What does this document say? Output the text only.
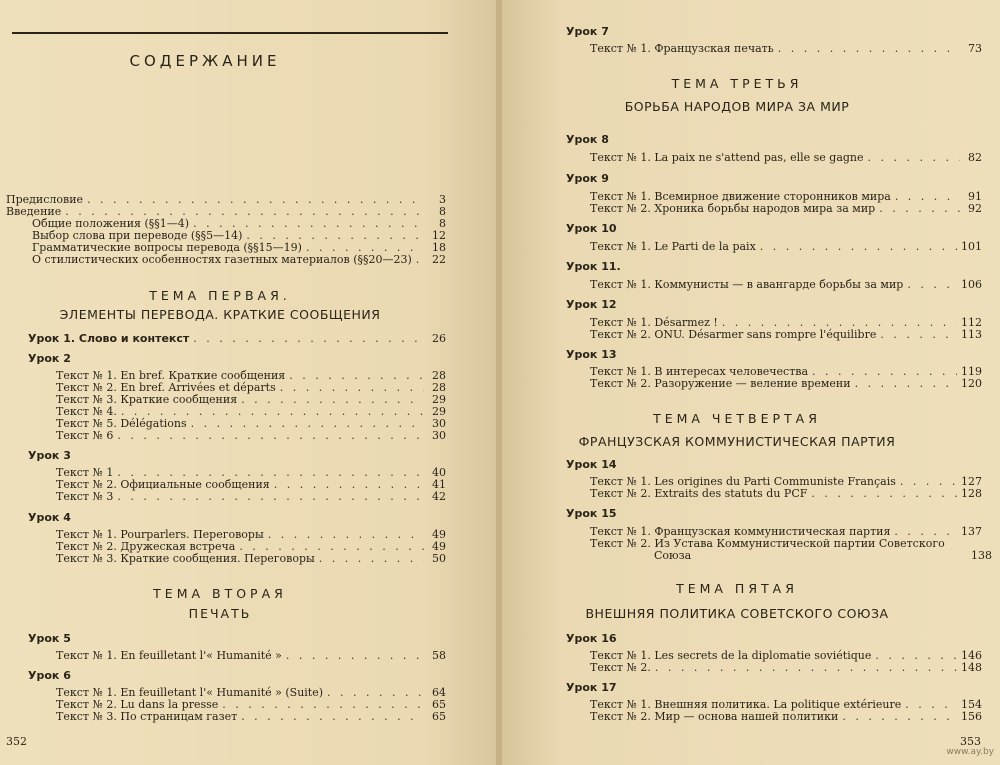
СОДЕРЖАНИЕ
Предисловие . . .	3
Введение . . .	8
Общие положения (§§1—4) . . .	8
Выбор слова при переводе (§§5—14) . . .	12
Грамматические вопросы перевода (§§15—19) . . .	18
О стилистических особенностях газетных материалов (§§20—23) . . .	22
ТЕМА ПЕРВАЯ.
ЭЛЕМЕНТЫ ПЕРЕВОДА. КРАТКИЕ СООБЩЕНИЯ
Урок 1. Слово и контекст . . .	26
Урок 2
Текст № 1. En bref. Краткие сообщения . . .	28
Текст № 2. En bref. Arrivées et départs . . .	28
Текст № 3. Краткие сообщения . . .	29
Текст № 4. . . .	29
Текст № 5. Délégations . . .	30
Текст № 6 . . .	30
Урок 3
Текст № 1 . . .	40
Текст № 2. Официальные сообщения . . .	41
Текст № 3 . . .	42
Урок 4
Текст № 1. Pourparlers. Переговоры . . .	49
Текст № 2. Дружеская встреча . . .	49
Текст № 3. Краткие сообщения. Переговоры . . .	50
ТЕМА ВТОРАЯ
ПЕЧАТЬ
Урок 5
Текст № 1. En feuilletant l'« Humanité » . . .	58
Урок 6
Текст № 1. En feuilletant l'« Humanité » (Suite) . . .	64
Текст № 2. Lu dans la presse . . .	65
Текст № 3. По страницам газет . . .	65
352
Урок 7
Текст № 1. Французская печать . . .	73
ТЕМА ТРЕТЬЯ
БОРЬБА НАРОДОВ МИРА ЗА МИР
Урок 8
Текст № 1. La paix ne s'attend pas, elle se gagne . . .	82
Урок 9
Текст № 1. Всемирное движение сторонников мира . . .	91
Текст № 2. Хроника борьбы народов мира за мир . . .	92
Урок 10
Текст № 1. Le Parti de la paix . . .	101
Урок 11.
Текст № 1. Коммунисты — в авангарде борьбы за мир . . .	106
Урок 12
Текст № 1. Désarmez ! . . .	112
Текст № 2. ONU. Désarmer sans rompre l'équilibre . . .	113
Урок 13
Текст № 1. В интересах человечества . . .	119
Текст № 2. Разоружение — веление времени . . .	120
ТЕМА ЧЕТВЕРТАЯ
ФРАНЦУЗСКАЯ КОММУНИСТИЧЕСКАЯ ПАРТИЯ
Урок 14
Текст № 1. Les origines du Parti Communiste Français . . .	127
Текст № 2. Extraits des statuts du PCF . . .	128
Урок 15
Текст № 1. Французская коммунистическая партия . . .	137
Текст № 2. Из Устава Коммунистической партии Советского
Союза	138
ТЕМА ПЯТАЯ
ВНЕШНЯЯ ПОЛИТИКА СОВЕТСКОГО СОЮЗА
Урок 16
Текст № 1. Les secrets de la diplomatie soviétique . . .	146
Текст № 2. . . .	148
Урок 17
Текст № 1. Внешняя политика. La politique extérieure . . .	154
Текст № 2. Мир — основа нашей политики . . .	156
353
www.ay.by
